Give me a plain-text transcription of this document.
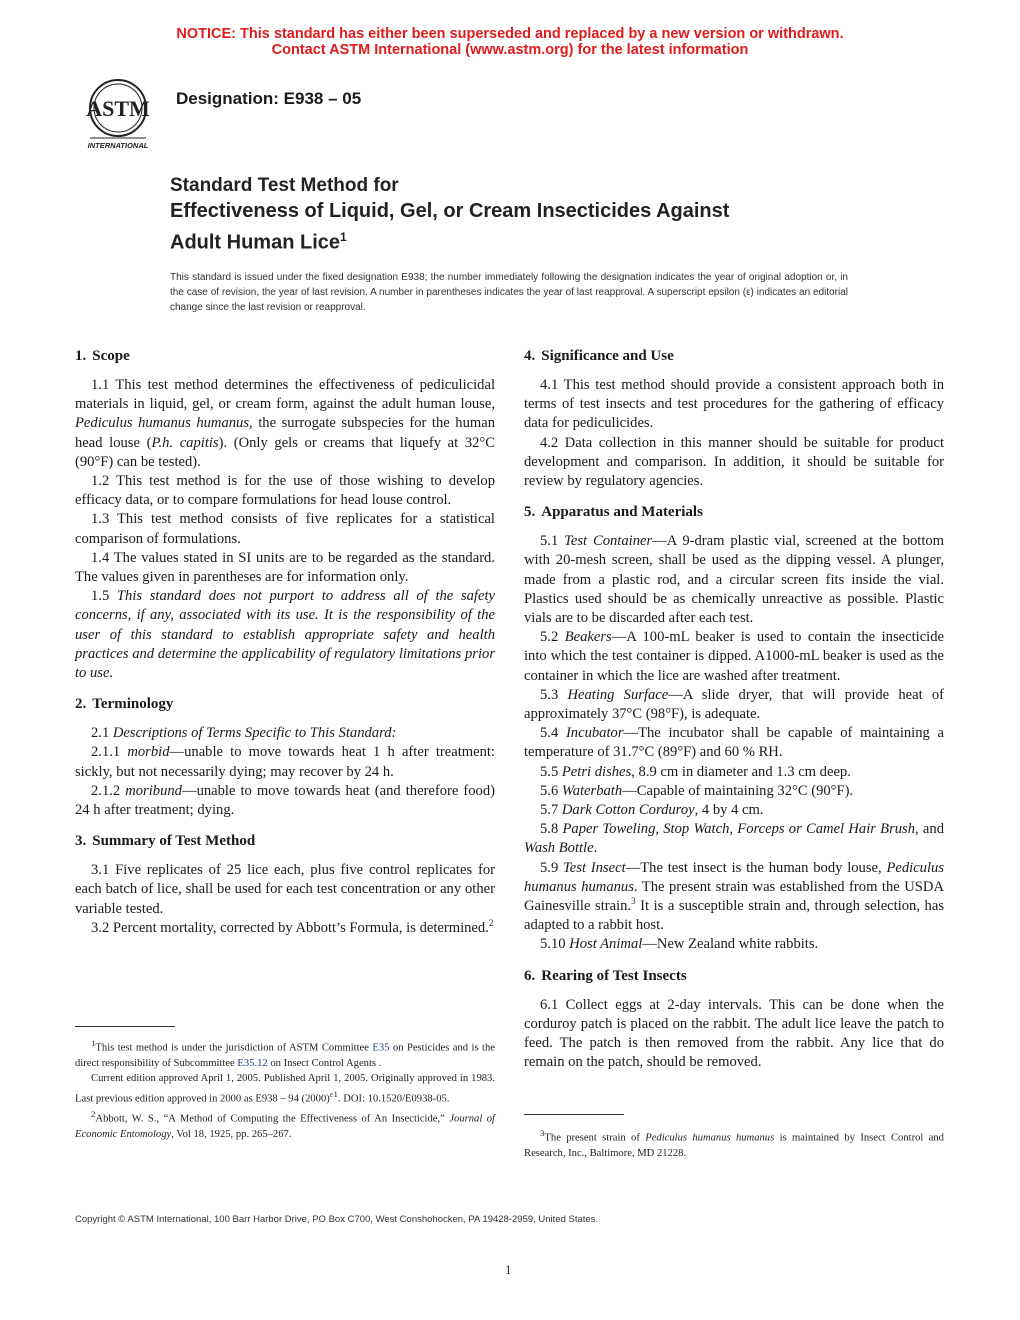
NOTICE: This standard has either been superseded and replaced by a new version or withdrawn.
Contact ASTM International (www.astm.org) for the latest information
ASTM
INTERNATIONAL
Designation: E938 – 05
Standard Test Method for
Effectiveness of Liquid, Gel, or Cream Insecticides Against
Adult Human Lice$^1$
This standard is issued under the fixed designation E938; the number immediately following the designation indicates the year of original adoption or, in the case of revision, the year of last revision. A number in parentheses indicates the year of last reapproval. A superscript epsilon (ε) indicates an editorial change since the last revision or reapproval.
1. Scope

1.1 This test method determines the effectiveness of pediculicidal materials in liquid, gel, or cream form, against the adult human louse, Pediculus humanus humanus, the surrogate subspecies for the human head louse (P.h. capitis). (Only gels or creams that liquefy at 32°C (90°F) can be tested).

1.2 This test method is for the use of those wishing to develop efficacy data, or to compare formulations for head louse control.

1.3 This test method consists of five replicates for a statistical comparison of formulations.

1.4 The values stated in SI units are to be regarded as the standard. The values given in parentheses are for information only.

1.5 This standard does not purport to address all of the safety concerns, if any, associated with its use. It is the responsibility of the user of this standard to establish appropriate safety and health practices and determine the applicability of regulatory limitations prior to use.

2. Terminology

2.1 Descriptions of Terms Specific to This Standard:

2.1.1 morbid—unable to move towards heat 1 h after treatment: sickly, but not necessarily dying; may recover by 24 h.

2.1.2 moribund—unable to move towards heat (and therefore food) 24 h after treatment; dying.

3. Summary of Test Method

3.1 Five replicates of 25 lice each, plus five control replicates for each batch of lice, shall be used for each test concentration or any other variable tested.

3.2 Percent mortality, corrected by Abbott’s Formula, is determined.$^2$

$^1$This test method is under the jurisdiction of ASTM Committee E35 on Pesticides and is the direct responsibility of Subcommittee E35.12 on Insect Control Agents .

Current edition approved April 1, 2005. Published April 1, 2005. Originally approved in 1983. Last previous edition approved in 2000 as E938 – 94 $(2000)^{\varepsilon 1}$. DOI: 10.1520/E0938-05.

$^2$Abbott, W. S., “A Method of Computing the Effectiveness of An Insecticide,” Journal of Economic Entomology, Vol 18, 1925, pp. 265–267.

4. Significance and Use

4.1 This test method should provide a consistent approach both in terms of test insects and test procedures for the gathering of efficacy data for pediculicides.

4.2 Data collection in this manner should be suitable for product development and comparison. In addition, it should be suitable for review by regulatory agencies.

5. Apparatus and Materials

5.1 Test Container—A 9-dram plastic vial, screened at the bottom with 20-mesh screen, shall be used as the dipping vessel. A plunger, made from a plastic rod, and a circular screen fits inside the vial. Plastics used should be as chemically unreactive as possible. Plastic vials are to be discarded after each test.

5.2 Beakers—A 100-mL beaker is used to contain the insecticide into which the test container is dipped. A1000-mL beaker is used as the container in which the lice are washed after treatment.

5.3 Heating Surface—A slide dryer, that will provide heat of approximately 37°C (98°F), is adequate.

5.4 Incubator—The incubator shall be capable of maintaining a temperature of 31.7°C (89°F) and 60 % RH.

5.5 Petri dishes, 8.9 cm in diameter and 1.3 cm deep.

5.6 Waterbath—Capable of maintaining 32°C (90°F).

5.7 Dark Cotton Corduroy, 4 by 4 cm.

5.8 Paper Toweling, Stop Watch, Forceps or Camel Hair Brush, and Wash Bottle.

5.9 Test Insect—The test insect is the human body louse, Pediculus humanus humanus. The present strain was established from the USDA Gainesville strain.$^3$ It is a susceptible strain and, through selection, has adapted to a rabbit host.

5.10 Host Animal—New Zealand white rabbits.

6. Rearing of Test Insects

6.1 Collect eggs at 2-day intervals. This can be done when the corduroy patch is placed on the rabbit. The adult lice leave the patch to feed. The patch is then removed from the rabbit. Any lice that do remain on the patch, should be removed.

$^3$The present strain of Pediculus humanus humanus is maintained by Insect Control and Research, Inc., Baltimore, MD 21228.

Copyright © ASTM International, 100 Barr Harbor Drive, PO Box C700, West Conshohocken, PA 19428-2959, United States.
1
